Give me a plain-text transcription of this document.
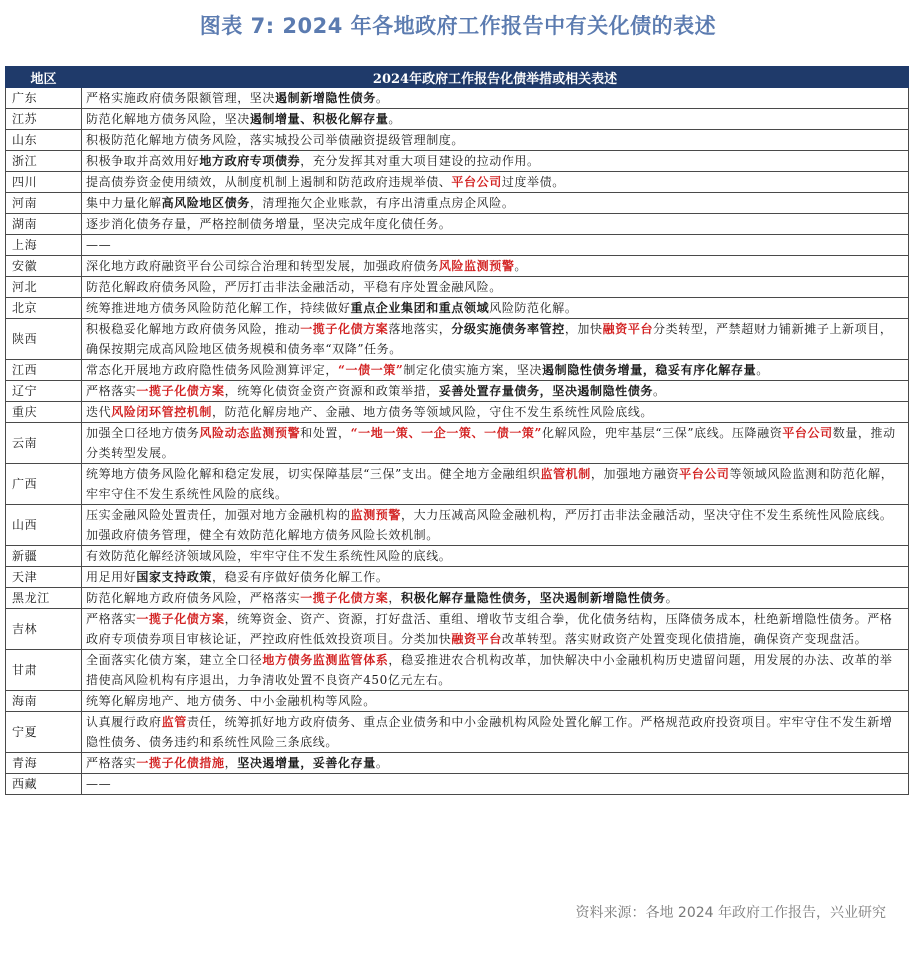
图表 7: 2024 年各地政府工作报告中有关化债的表述
地区	2024年政府工作报告化债举措或相关表述
广东	严格实施政府债务限额管理，坚决遏制新增隐性债务。
江苏	防范化解地方债务风险，坚决遏制增量、积极化解存量。
山东	积极防范化解地方债务风险，落实城投公司举债融资提级管理制度。
浙江	积极争取并高效用好地方政府专项债券，充分发挥其对重大项目建设的拉动作用。
四川	提高债券资金使用绩效，从制度机制上遏制和防范政府违规举债、平台公司过度举债。
河南	集中力量化解高风险地区债务，清理拖欠企业账款，有序出清重点房企风险。
湖南	逐步消化债务存量，严格控制债务增量，坚决完成年度化债任务。
上海	——
安徽	深化地方政府融资平台公司综合治理和转型发展，加强政府债务风险监测预警。
河北	防范化解政府债务风险，严厉打击非法金融活动，平稳有序处置金融风险。
北京	统筹推进地方债务风险防范化解工作，持续做好重点企业集团和重点领域风险防范化解。
陕西	积极稳妥化解地方政府债务风险，推动一揽子化债方案落地落实，分级实施债务率管控，加快融资平台分类转型，严禁超财力铺新摊子上新项目，确保按期完成高风险地区债务规模和债务率“双降”任务。
江西	常态化开展地方政府隐性债务风险测算评定，“一债一策”制定化债实施方案，坚决遏制隐性债务增量，稳妥有序化解存量。
辽宁	严格落实一揽子化债方案，统筹化债资金资产资源和政策举措，妥善处置存量债务，坚决遏制隐性债务。
重庆	迭代风险闭环管控机制，防范化解房地产、金融、地方债务等领域风险，守住不发生系统性风险底线。
云南	加强全口径地方债务风险动态监测预警和处置，“一地一策、一企一策、一债一策”化解风险，兜牢基层“三保”底线。压降融资平台公司数量，推动分类转型发展。
广西	统筹地方债务风险化解和稳定发展，切实保障基层“三保”支出。健全地方金融组织监管机制，加强地方融资平台公司等领域风险监测和防范化解，牢牢守住不发生系统性风险的底线。
山西	压实金融风险处置责任，加强对地方金融机构的监测预警，大力压减高风险金融机构，严厉打击非法金融活动，坚决守住不发生系统性风险底线。加强政府债务管理，健全有效防范化解地方债务风险长效机制。
新疆	有效防范化解经济领域风险，牢牢守住不发生系统性风险的底线。
天津	用足用好国家支持政策，稳妥有序做好债务化解工作。
黑龙江	防范化解地方政府债务风险，严格落实一揽子化债方案，积极化解存量隐性债务，坚决遏制新增隐性债务。
吉林	严格落实一揽子化债方案，统筹资金、资产、资源，打好盘活、重组、增收节支组合拳，优化债务结构，压降债务成本，杜绝新增隐性债务。严格政府专项债券项目审核论证，严控政府性低效投资项目。分类加快融资平台改革转型。落实财政资产处置变现化债措施，确保资产变现盘活。
甘肃	全面落实化债方案，建立全口径地方债务监测监管体系，稳妥推进农合机构改革，加快解决中小金融机构历史遗留问题，用发展的办法、改革的举措使高风险机构有序退出，力争清收处置不良资产450亿元左右。
海南	统筹化解房地产、地方债务、中小金融机构等风险。
宁夏	认真履行政府监管责任，统筹抓好地方政府债务、重点企业债务和中小金融机构风险处置化解工作。严格规范政府投资项目。牢牢守住不发生新增隐性债务、债务违约和系统性风险三条底线。
青海	严格落实一揽子化债措施，坚决遏增量，妥善化存量。
西藏	——
资料来源：各地 2024 年政府工作报告，兴业研究
